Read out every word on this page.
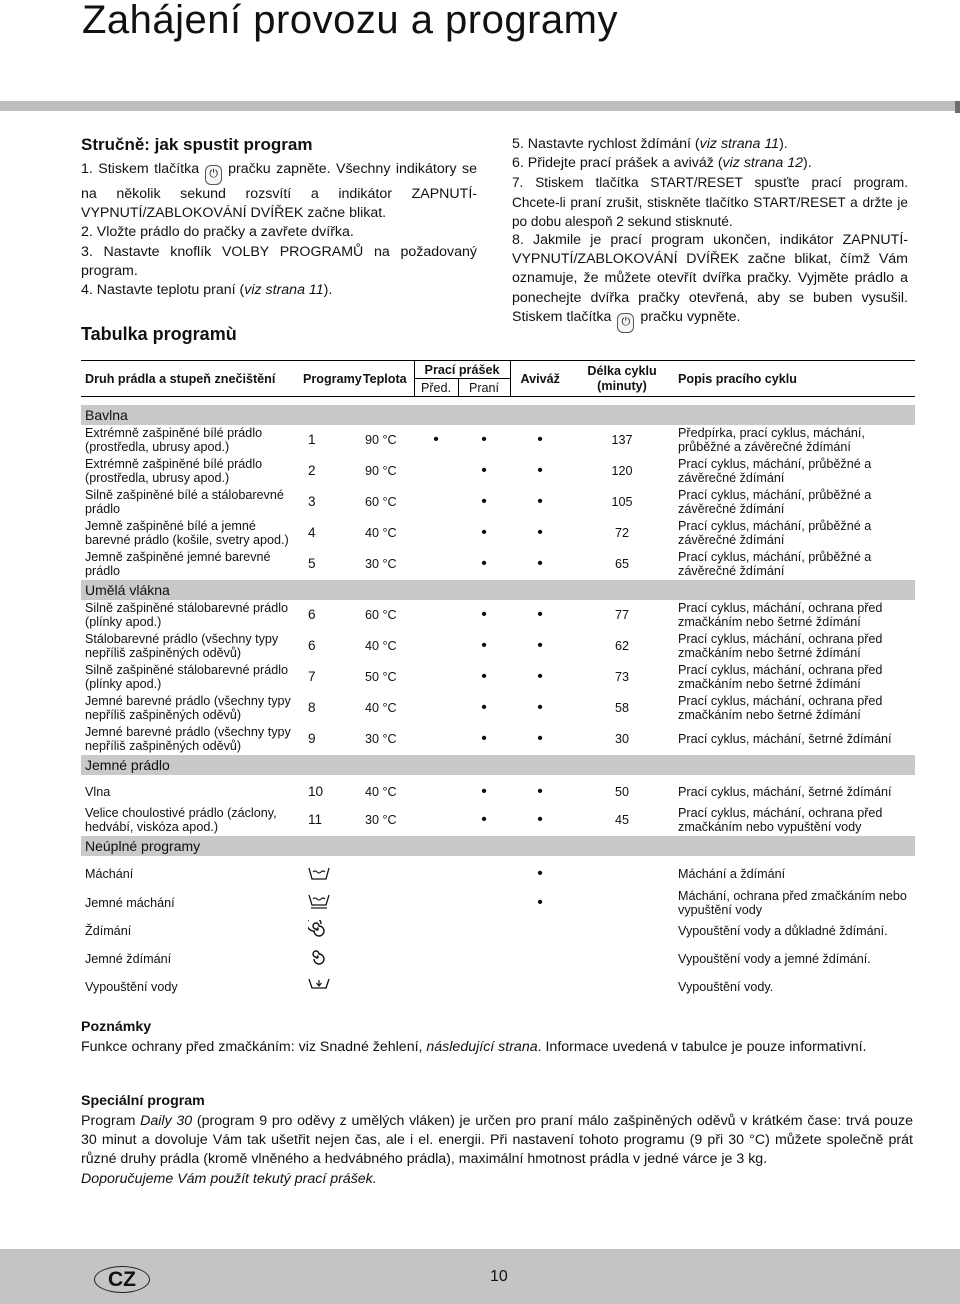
Zahájení provozu a programy
Stručně: jak spustit program
1. Stiskem tlačítka ⏻ pračku zapněte. Všechny indikátory se na několik sekund rozsvítí a indikátor ZAPNUTÍ-VYPNUTÍ/ZABLOKOVÁNÍ DVÍŘEK začne blikat.
2. Vložte prádlo do pračky a zavřete dvířka.
3. Nastavte knoflík VOLBY PROGRAMŮ na požadovaný program.
4. Nastavte teplotu praní (viz strana 11).
Tabulka programù
5. Nastavte rychlost ždímání (viz strana 11).
6. Přidejte prací prášek a aviváž (viz strana 12).
7. Stiskem tlačítka START/RESET spusťte prací program. Chcete-li praní zrušit, stiskněte tlačítko START/RESET a držte je po dobu alespoň 2 sekund stisknuté.
8. Jakmile je prací program ukončen, indikátor ZAPNUTÍ-VYPNUTÍ/ZABLOKOVÁNÍ DVÍŘEK začne blikat, čímž Vám oznamuje, že můžete otevřít dvířka pračky. Vyjměte prádlo a ponechejte dvířka pračky otevřená, aby se buben vysušil. Stiskem tlačítka ⏻ pračku vypněte.
Druh prádla a stupeň znečištění	Programy	Teplota	Prací prášek		Aviváž	Délka cyklu (minuty)	Popis pracího cyklu
			Před.	Praní			

Bavlna							
Extrémně zašpiněné bílé prádlo (prostředla, ubrusy apod.)	1	90 °C	•	•	•	137	Předpírka, prací cyklus, máchání, průběžné a závěrečné ždímání
Extrémně zašpiněné bílé prádlo (prostředla, ubrusy apod.)	2	90 °C		•	•	120	Prací cyklus, máchání, průběžné a závěrečné ždímání
Silně zašpiněné bílé a stálobarevné prádlo	3	60 °C		•	•	105	Prací cyklus, máchání, průběžné a závěrečné ždímání
Jemně zašpiněné bílé a jemné barevné prádlo (košile, svetry apod.)	4	40 °C		•	•	72	Prací cyklus, máchání, průběžné a závěrečné ždímání
Jemně zašpiněné jemné barevné prádlo	5	30 °C		•	•	65	Prací cyklus, máchání, průběžné a závěrečné ždímání
Umělá vlákna							
Silně zašpiněné stálobarevné prádlo (plínky apod.)	6	60 °C		•	•	77	Prací cyklus, máchání, ochrana před zmačkáním nebo šetrné ždímání
Stálobarevné prádlo (všechny typy nepříliš zašpiněných oděvů)	6	40 °C		•	•	62	Prací cyklus, máchání, ochrana před zmačkáním nebo šetrné ždímání
Silně zašpiněné stálobarevné prádlo (plínky apod.)	7	50 °C		•	•	73	Prací cyklus, máchání, ochrana před zmačkáním nebo šetrné ždímání
Jemné barevné prádlo (všechny typy nepříliš zašpiněných oděvů)	8	40 °C		•	•	58	Prací cyklus, máchání, ochrana před zmačkáním nebo šetrné ždímání
Jemné barevné prádlo (všechny typy nepříliš zašpiněných oděvů)	9	30 °C		•	•	30	Prací cyklus, máchání, šetrné ždímání
Jemné prádlo							

Vlna	10	40 °C		•	•	50	Prací cyklus, máchání, šetrné ždímání
Velice choulostivé prádlo (záclony, hedvábí, viskóza apod.)	11	30 °C		•	•	45	Prací cyklus, máchání, ochrana před zmačkáním nebo vypuštění vody
Neúplné programy							

Máchání					•		Máchání a ždímání
Jemné máchání					•		Máchání, ochrana před zmačkáním nebo vypuštění vody
Ždímání							Vypouštění vody a důkladné ždímání.
Jemné ždímání							Vypouštění vody a jemné ždímání.
Vypouštění vody							Vypouštění vody.
Poznámky
Funkce ochrany před zmačkáním: viz Snadné žehlení, následující strana. Informace uvedená v tabulce je pouze informativní.
Speciální program
Program Daily 30 (program 9 pro oděvy z umělých vláken) je určen pro praní málo zašpiněných oděvů v krátkém čase: trvá pouze 30 minut a dovoluje Vám tak ušetřit nejen čas, ale i el. energii. Při nastavení tohoto programu (9 při 30 °C) můžete společně prát různé druhy prádla (kromě vlněného a hedvábného prádla), maximální hmotnost prádla v jedné várce je 3 kg.
Doporučujeme Vám použít tekutý prací prášek.
CZ	10
